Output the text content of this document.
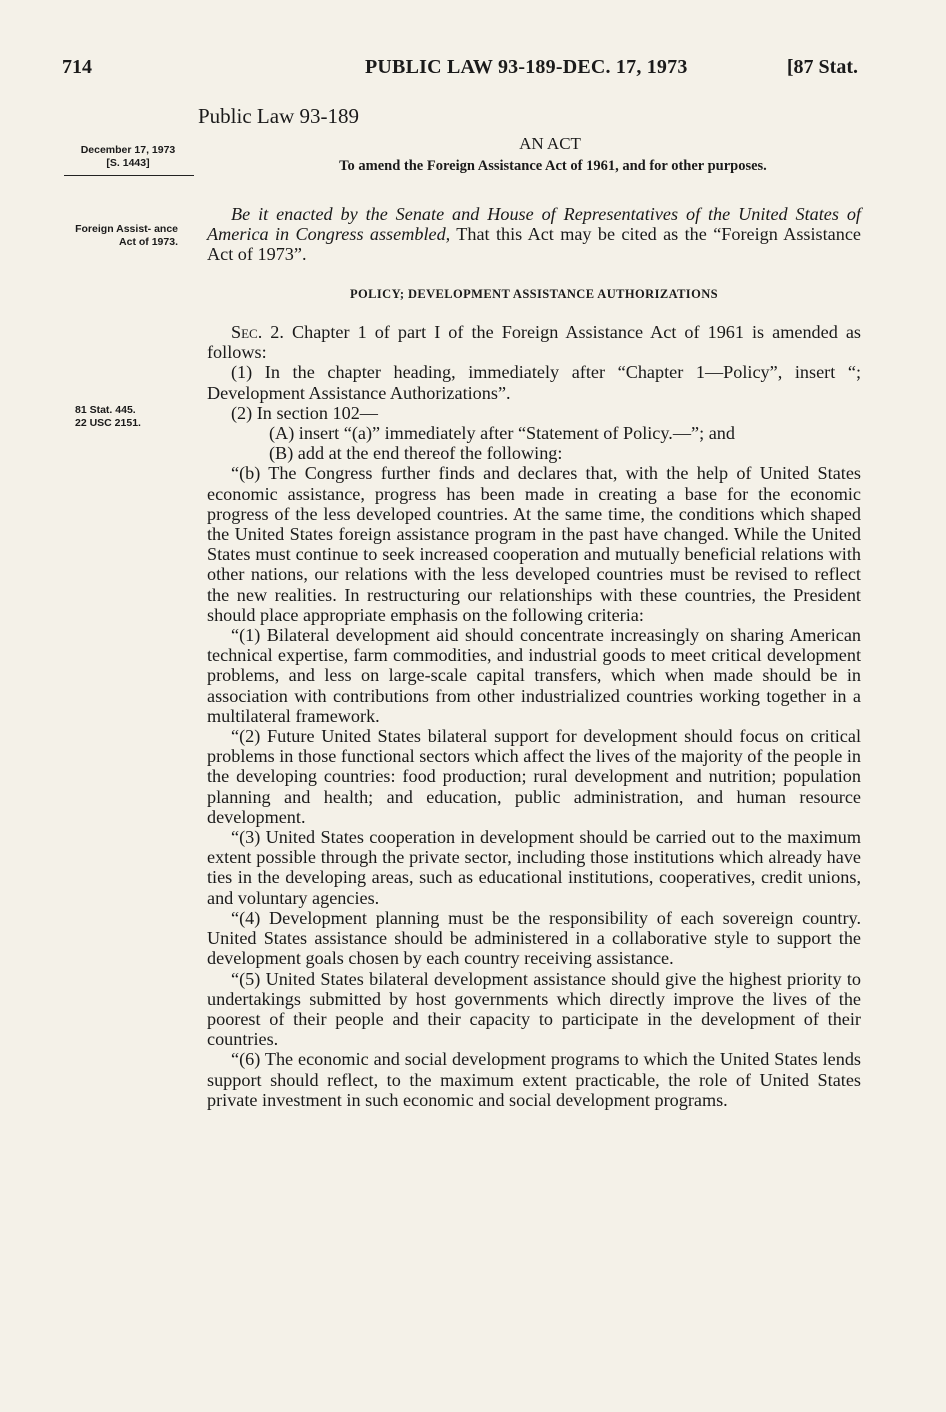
714	PUBLIC LAW 93-189-DEC. 17, 1973	[87 Stat.
Public Law 93-189
December 17, 1973
[S. 1443]
Foreign Assist- ance Act of 1973.
81 Stat. 445.
22 USC 2151.
AN ACT
To amend the Foreign Assistance Act of 1961, and for other purposes.

Be it enacted by the Senate and House of Representatives of the United States of America in Congress assembled, That this Act may be cited as the “Foreign Assistance Act of 1973”.

POLICY; DEVELOPMENT ASSISTANCE AUTHORIZATIONS

Sec. 2. Chapter 1 of part I of the Foreign Assistance Act of 1961 is amended as follows:

(1) In the chapter heading, immediately after “Chapter 1—Policy”, insert “; Development Assistance Authorizations”.

(2) In section 102—

(A) insert “(a)” immediately after “Statement of Policy.—”; and

(B) add at the end thereof the following:

“(b) The Congress further finds and declares that, with the help of United States economic assistance, progress has been made in creating a base for the economic progress of the less developed countries. At the same time, the conditions which shaped the United States foreign assistance program in the past have changed. While the United States must continue to seek increased cooperation and mutually beneficial relations with other nations, our relations with the less developed countries must be revised to reflect the new realities. In restructuring our relationships with these countries, the President should place appropriate emphasis on the following criteria:

“(1) Bilateral development aid should concentrate increasingly on sharing American technical expertise, farm commodities, and industrial goods to meet critical development problems, and less on large-scale capital transfers, which when made should be in association with contributions from other industrialized countries working together in a multilateral framework.

“(2) Future United States bilateral support for development should focus on critical problems in those functional sectors which affect the lives of the majority of the people in the developing countries: food production; rural development and nutrition; population planning and health; and education, public administration, and human resource development.

“(3) United States cooperation in development should be carried out to the maximum extent possible through the private sector, including those institutions which already have ties in the developing areas, such as educational institutions, cooperatives, credit unions, and voluntary agencies.

“(4) Development planning must be the responsibility of each sovereign country. United States assistance should be administered in a collaborative style to support the development goals chosen by each country receiving assistance.

“(5) United States bilateral development assistance should give the highest priority to undertakings submitted by host governments which directly improve the lives of the poorest of their people and their capacity to participate in the development of their countries.

“(6) The economic and social development programs to which the United States lends support should reflect, to the maximum extent practicable, the role of United States private investment in such economic and social development programs.
